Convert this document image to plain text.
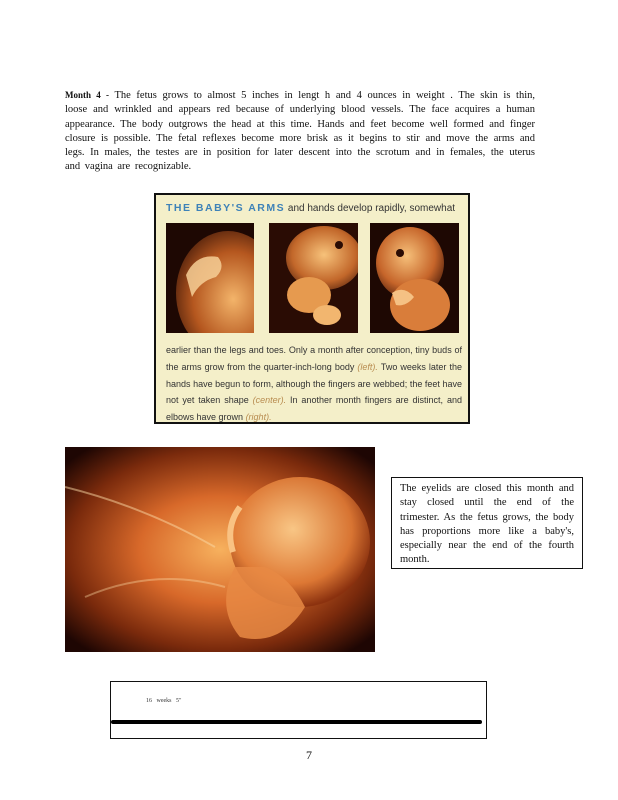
Month 4 - The fetus grows to almost 5 inches in lengt h and 4 ounces in weight . The skin is thin, loose and wrinkled and appears red because of underlying blood vessels. The face acquires a human appearance. The body outgrows the head at this time. Hands and feet become well formed and finger closure is possible. The fetal reflexes become more brisk as it begins to stir and move the arms and legs. In males, the testes are in position for later descent into the scrotum and in females, the uterus and vagina are recognizable.
THE BABY'S ARMS and hands develop rapidly, somewhat
earlier than the legs and toes. Only a month after conception, tiny buds of the arms grow from the quarter-inch-long body (left). Two weeks later the hands have begun to form, although the fingers are webbed; the feet have not yet taken shape (center). In another month fingers are distinct, and elbows have grown (right).
The eyelids are closed this month and stay closed until the end of the trimester. As the fetus grows, the body has proportions more like a baby's, especially near the end of the fourth month.
16 weeks 5"
7
